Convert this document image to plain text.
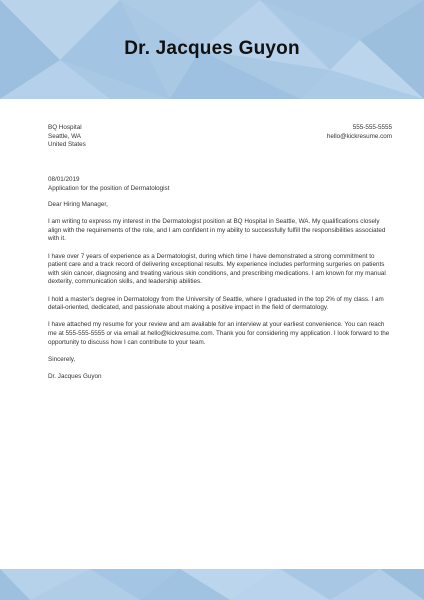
Dr. Jacques Guyon
BQ Hospital
Seattle, WA
United States
555-555-5555
hello@kickresume.com
08/01/2019
Application for the position of Dermatologist

Dear Hiring Manager,

I am writing to express my interest in the Dermatologist position at BQ Hospital in Seattle, WA. My qualifications closely align with the requirements of the role, and I am confident in my ability to successfully fulfill the responsibilities associated with it.

I have over 7 years of experience as a Dermatologist, during which time I have demonstrated a strong commitment to patient care and a track record of delivering exceptional results. My experience includes performing surgeries on patients with skin cancer, diagnosing and treating various skin conditions, and prescribing medications. I am known for my manual dexterity, communication skills, and leadership abilities.

I hold a master's degree in Dermatology from the University of Seattle, where I graduated in the top 2% of my class. I am detail-oriented, dedicated, and passionate about making a positive impact in the field of dermatology.

I have attached my resume for your review and am available for an interview at your earliest convenience. You can reach me at 555-555-5555 or via email at hello@kickresume.com. Thank you for considering my application. I look forward to the opportunity to discuss how I can contribute to your team.

Sincerely,

Dr. Jacques Guyon
